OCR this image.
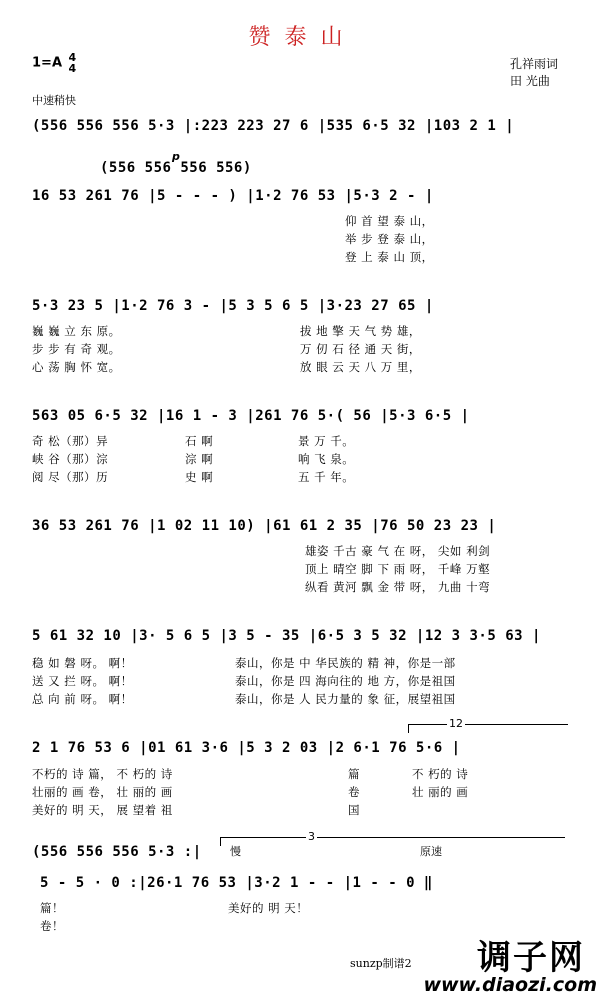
赞泰山
1=A 4
4	孔祥雨词
田 光曲
中速稍快
(556 556 556 5·3 |:223 223 27 6 |535 6·5 32 |103 2 1 |
p
(556 556 556 556)
16 53 261 76 |5 - - - ) |1·2 76 53 |5·3 2 - |
仰 首 望 泰 山，
举 步 登 泰 山，
登 上 泰 山 顶，
5·3 23 5 |1·2 76 3 - |5 3 5 6 5 |3·23 27 65 |
巍 巍 立 东 原。	拔 地 擎 天 气 势 雄，
步 步 有 奇 观。	万 仞 石 径 通 天 街，
心 荡 胸 怀 宽。	放 眼 云 天 八 万 里，
563 05 6·5 32 |16 1 - 3 |261 76 5·( 56 |5·3 6·5 |
奇 松（那）异	石 啊	景 万 千。
峡 谷（那）淙	淙 啊	响 飞 泉。
阅 尽（那）历	史 啊	五 千 年。
36 53 261 76 |1 02 11 10) |61 61 2 35 |76 50 23 23 |
雄姿 千古 豪 气 在 呀， 尖如 利剑
顶上 晴空 脚 下 雨 呀， 千峰 万壑
纵看 黄河 飘 金 带 呀， 九曲 十弯
5 61 32 10 |3· 5 6 5 |3 5 - 35 |6·5 3 5 32 |12 3 3·5 63 |
稳 如 磐 呀。 啊！	泰山，你是 中 华民族的 精 神，你是一部
送 又 拦 呀。 啊！	泰山，你是 四 海向往的 地 方，你是祖国
总 向 前 呀。 啊！	泰山，你是 人 民力量的 象 征，展望祖国
12
2 1 76 53 6 |01 61 3·6 |5 3 2 03 |2 6·1 76 5·6 |
不朽的 诗 篇， 不 朽的 诗	篇	不 朽的 诗
壮丽的 画 卷， 壮 丽的 画	卷	壮 丽的 画
美好的 明 天， 展 望着 祖	国
3
慢	原速
(556 556 556 5·3 :|
5 - 5 · 0 :|26·1 76 53 |3·2 1 - - |1 - - 0 ‖
篇！	美好的 明 天！
卷！
sunzp制谱2 调子网
www.diaozi.com
